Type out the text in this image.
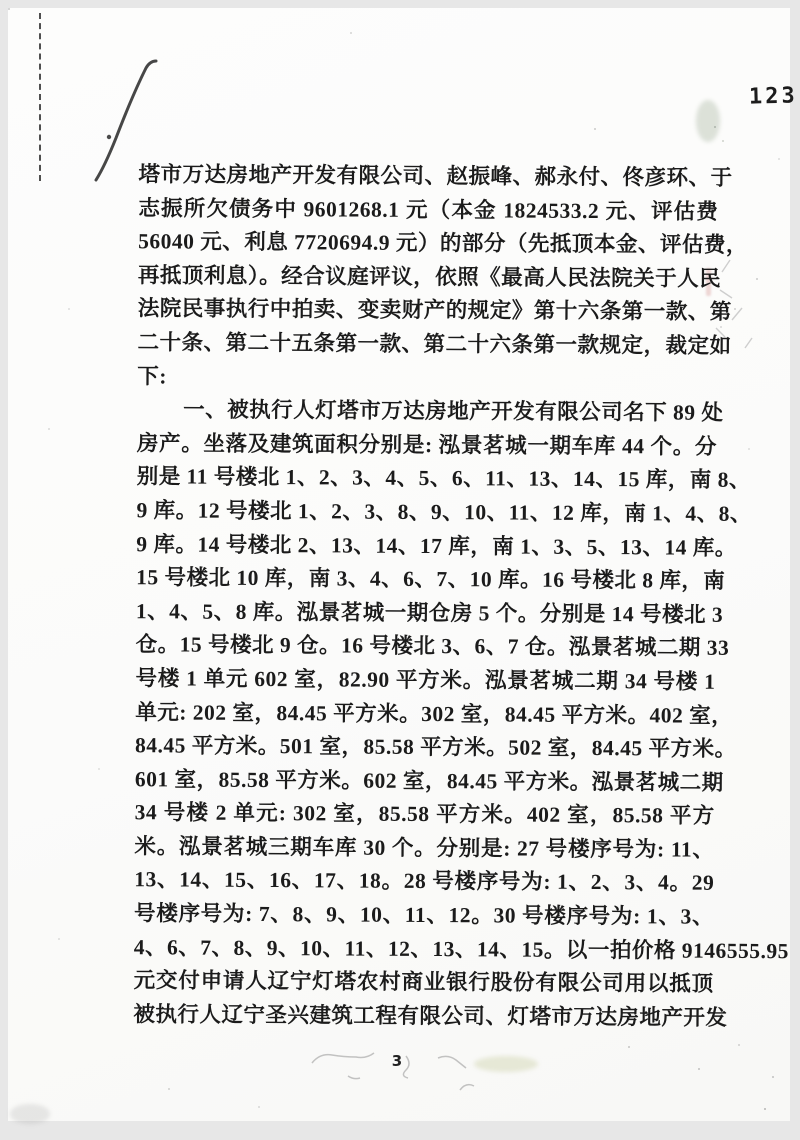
123
塔市万达房地产开发有限公司、赵振峰、郝永付、佟彦环、于
志振所欠债务中 9601268.1 元（本金 1824533.2 元、评估费
56040 元、利息 7720694.9 元）的部分（先抵顶本金、评估费，
再抵顶利息）。经合议庭评议，依照《最高人民法院关于人民
法院民事执行中拍卖、变卖财产的规定》第十六条第一款、第
二十条、第二十五条第一款、第二十六条第一款规定，裁定如
下:
一、被执行人灯塔市万达房地产开发有限公司名下 89 处
房产。坐落及建筑面积分别是: 泓景茗城一期车库 44 个。分
别是 11 号楼北 1、2、3、4、5、6、11、13、14、15 库，南 8、
9 库。12 号楼北 1、2、3、8、9、10、11、12 库，南 1、4、8、
9 库。14 号楼北 2、13、14、17 库，南 1、3、5、13、14 库。
15 号楼北 10 库，南 3、4、6、7、10 库。16 号楼北 8 库，南
1、4、5、8 库。泓景茗城一期仓房 5 个。分别是 14 号楼北 3
仓。15 号楼北 9 仓。16 号楼北 3、6、7 仓。泓景茗城二期 33
号楼 1 单元 602 室，82.90 平方米。泓景茗城二期 34 号楼 1
单元: 202 室，84.45 平方米。302 室，84.45 平方米。402 室，
84.45 平方米。501 室，85.58 平方米。502 室，84.45 平方米。
601 室，85.58 平方米。602 室，84.45 平方米。泓景茗城二期
34 号楼 2 单元: 302 室，85.58 平方米。402 室，85.58 平方
米。泓景茗城三期车库 30 个。分别是: 27 号楼序号为: 11、
13、14、15、16、17、18。28 号楼序号为: 1、2、3、4。29
号楼序号为: 7、8、9、10、11、12。30 号楼序号为: 1、3、
4、6、7、8、9、10、11、12、13、14、15。以一拍价格 9146555.95
元交付申请人辽宁灯塔农村商业银行股份有限公司用以抵顶
被执行人辽宁圣兴建筑工程有限公司、灯塔市万达房地产开发
3
